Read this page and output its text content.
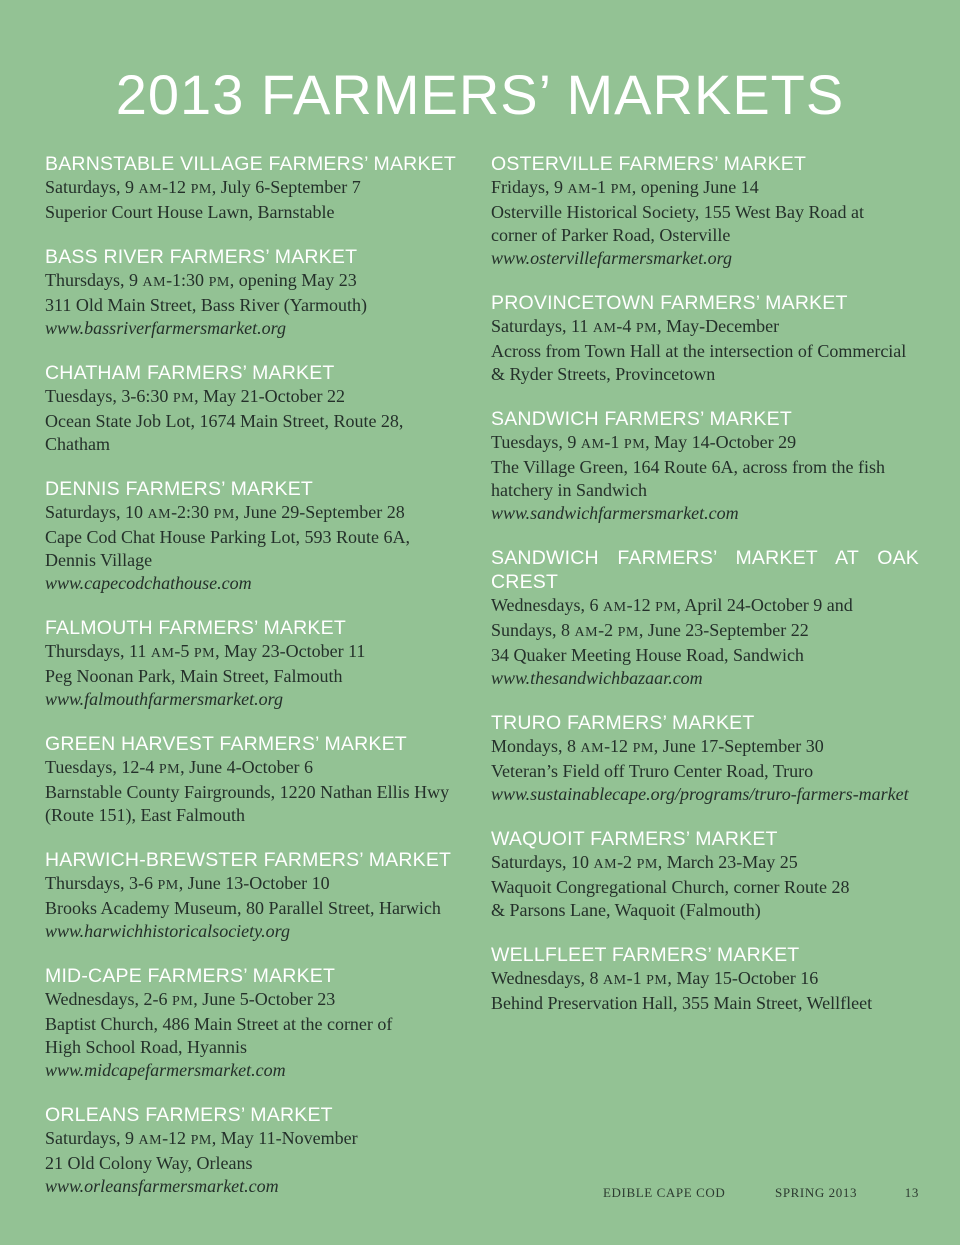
2013 FARMERS’ MARKETS
BARNSTABLE VILLAGE FARMERS’ MARKET
Saturdays, 9 AM-12 PM, July 6-September 7
Superior Court House Lawn, Barnstable
BASS RIVER FARMERS’ MARKET
Thursdays, 9 AM-1:30 PM, opening May 23
311 Old Main Street, Bass River (Yarmouth)
www.bassriverfarmersmarket.org
CHATHAM FARMERS’ MARKET
Tuesdays, 3-6:30 PM, May 21-October 22
Ocean State Job Lot, 1674 Main Street, Route 28,
Chatham
DENNIS FARMERS’ MARKET
Saturdays, 10 AM-2:30 PM, June 29-September 28
Cape Cod Chat House Parking Lot, 593 Route 6A,
Dennis Village
www.capecodchathouse.com
FALMOUTH FARMERS’ MARKET
Thursdays, 11 AM-5 PM, May 23-October 11
Peg Noonan Park, Main Street, Falmouth
www.falmouthfarmersmarket.org
GREEN HARVEST FARMERS’ MARKET
Tuesdays, 12-4 PM, June 4-October 6
Barnstable County Fairgrounds, 1220 Nathan Ellis Hwy
(Route 151), East Falmouth
HARWICH-BREWSTER FARMERS’ MARKET
Thursdays, 3-6 PM, June 13-October 10
Brooks Academy Museum, 80 Parallel Street, Harwich
www.harwichhistoricalsociety.org
MID-CAPE FARMERS’ MARKET
Wednesdays, 2-6 PM, June 5-October 23
Baptist Church, 486 Main Street at the corner of
High School Road, Hyannis
www.midcapefarmersmarket.com
ORLEANS FARMERS’ MARKET
Saturdays, 9 AM-12 PM, May 11-November
21 Old Colony Way, Orleans
www.orleansfarmersmarket.com
OSTERVILLE FARMERS’ MARKET
Fridays, 9 AM-1 PM, opening June 14
Osterville Historical Society, 155 West Bay Road at
corner of Parker Road, Osterville
www.ostervillefarmersmarket.org
PROVINCETOWN FARMERS’ MARKET
Saturdays, 11 AM-4 PM, May-December
Across from Town Hall at the intersection of Commercial
& Ryder Streets, Provincetown
SANDWICH FARMERS’ MARKET
Tuesdays, 9 AM-1 PM, May 14-October 29
The Village Green, 164 Route 6A, across from the fish
hatchery in Sandwich
www.sandwichfarmersmarket.com
SANDWICH FARMERS’ MARKET AT OAK CREST
Wednesdays, 6 AM-12 PM, April 24-October 9 and
Sundays, 8 AM-2 PM, June 23-September 22
34 Quaker Meeting House Road, Sandwich
www.thesandwichbazaar.com
TRURO FARMERS’ MARKET
Mondays, 8 AM-12 PM, June 17-September 30
Veteran’s Field off Truro Center Road, Truro
www.sustainablecape.org/programs/truro-farmers-market
WAQUOIT FARMERS’ MARKET
Saturdays, 10 AM-2 PM, March 23-May 25
Waquoit Congregational Church, corner Route 28
& Parsons Lane, Waquoit (Falmouth)
WELLFLEET FARMERS’ MARKET
Wednesdays, 8 AM-1 PM, May 15-October 16
Behind Preservation Hall, 355 Main Street, Wellfleet
EDIBLE CAPE COD	SPRING 2013	13
